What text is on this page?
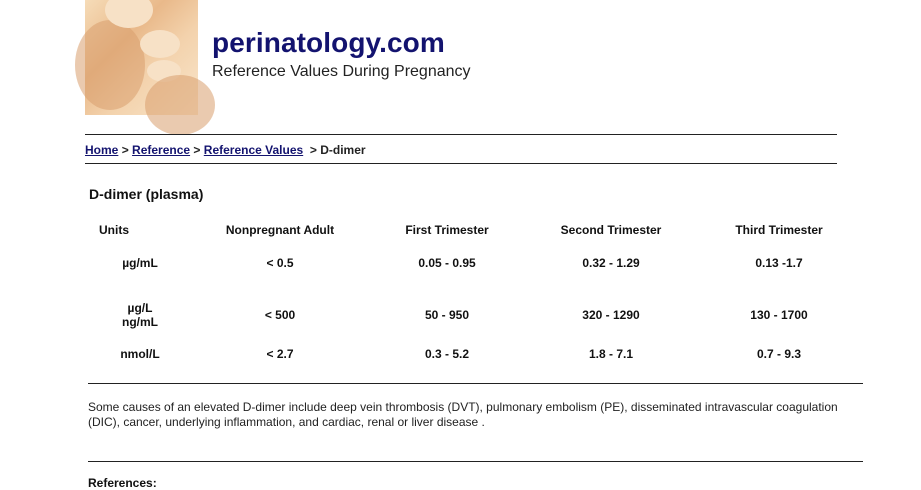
perinatology.com
Reference Values During Pregnancy
Home > Reference > Reference Values > D-dimer
D-dimer (plasma)
Units	Nonpregnant Adult	First Trimester	Second Trimester	Third Trimester
µg/mL	< 0.5	0.05 - 0.95	0.32 - 1.29	0.13 -1.7
µg/L
ng/mL	< 500	50 - 950	320 - 1290	130 - 1700
nmol/L	< 2.7	0.3 - 5.2	1.8 - 7.1	0.7 - 9.3
Some causes of an elevated D-dimer include deep vein thrombosis (DVT), pulmonary embolism (PE), disseminated intravascular coagulation (DIC), cancer, underlying inflammation, and cardiac, renal or liver disease .
References:
